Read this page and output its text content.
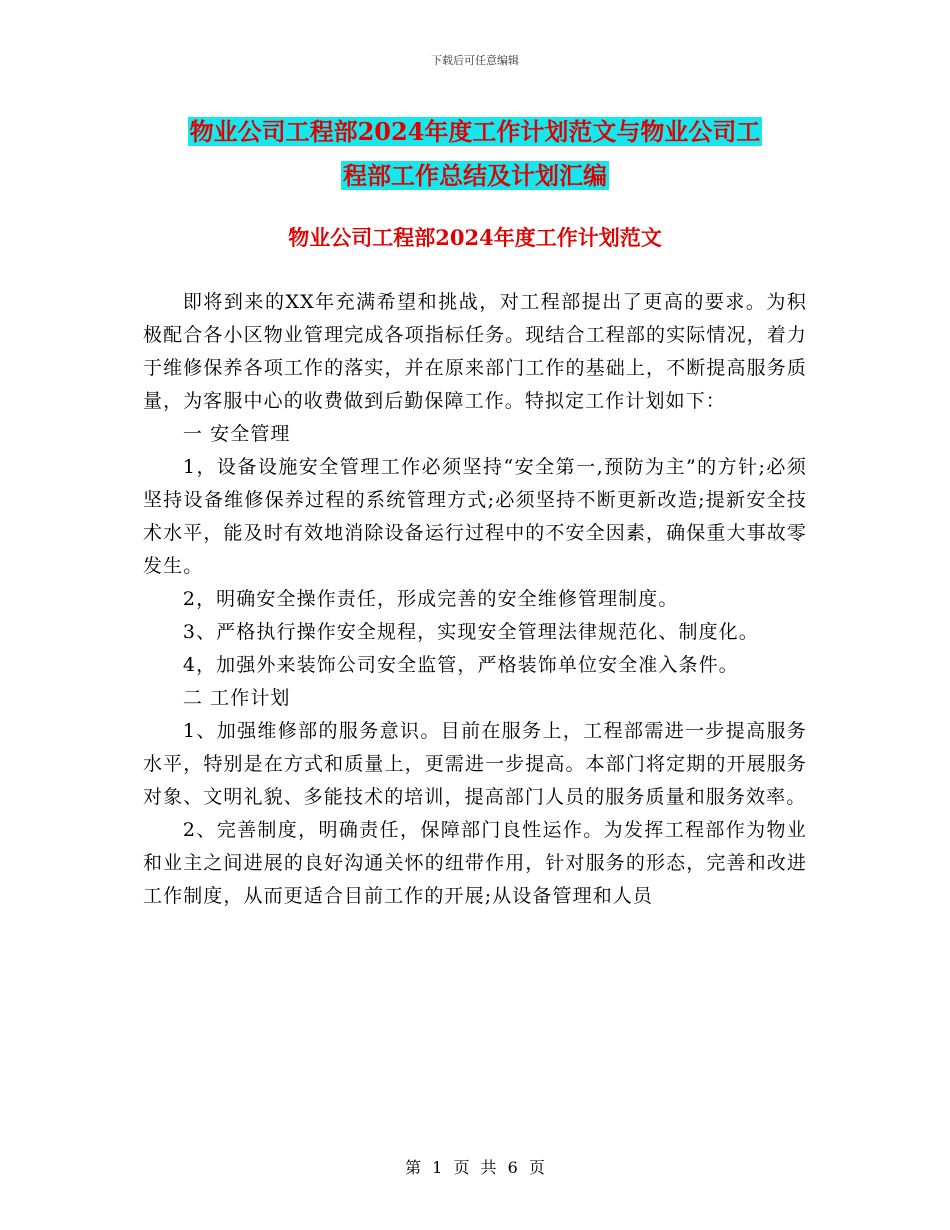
下载后可任意编辑
物业公司工程部2024年度工作计划范文与物业公司工
程部工作总结及计划汇编
物业公司工程部2024年度工作计划范文

即将到来的XX年充满希望和挑战，对工程部提出了更高的要求。为积极配合各小区物业管理完成各项指标任务。现结合工程部的实际情况，着力于维修保养各项工作的落实，并在原来部门工作的基础上，不断提高服务质量，为客服中心的收费做到后勤保障工作。特拟定工作计划如下：

一 安全管理

1，设备设施安全管理工作必须坚持“安全第一,预防为主”的方针;必须坚持设备维修保养过程的系统管理方式;必须坚持不断更新改造;提新安全技术水平，能及时有效地消除设备运行过程中的不安全因素，确保重大事故零发生。

2，明确安全操作责任，形成完善的安全维修管理制度。

3、严格执行操作安全规程，实现安全管理法律规范化、制度化。

4，加强外来装饰公司安全监管，严格装饰单位安全准入条件。

二 工作计划

1、加强维修部的服务意识。目前在服务上，工程部需进一步提高服务水平，特别是在方式和质量上，更需进一步提高。本部门将定期的开展服务对象、文明礼貌、多能技术的培训，提高部门人员的服务质量和服务效率。

2、完善制度，明确责任，保障部门良性运作。为发挥工程部作为物业和业主之间进展的良好沟通关怀的纽带作用，针对服务的形态，完善和改进工作制度，从而更适合目前工作的开展;从设备管理和人员

第 1 页 共 6 页
